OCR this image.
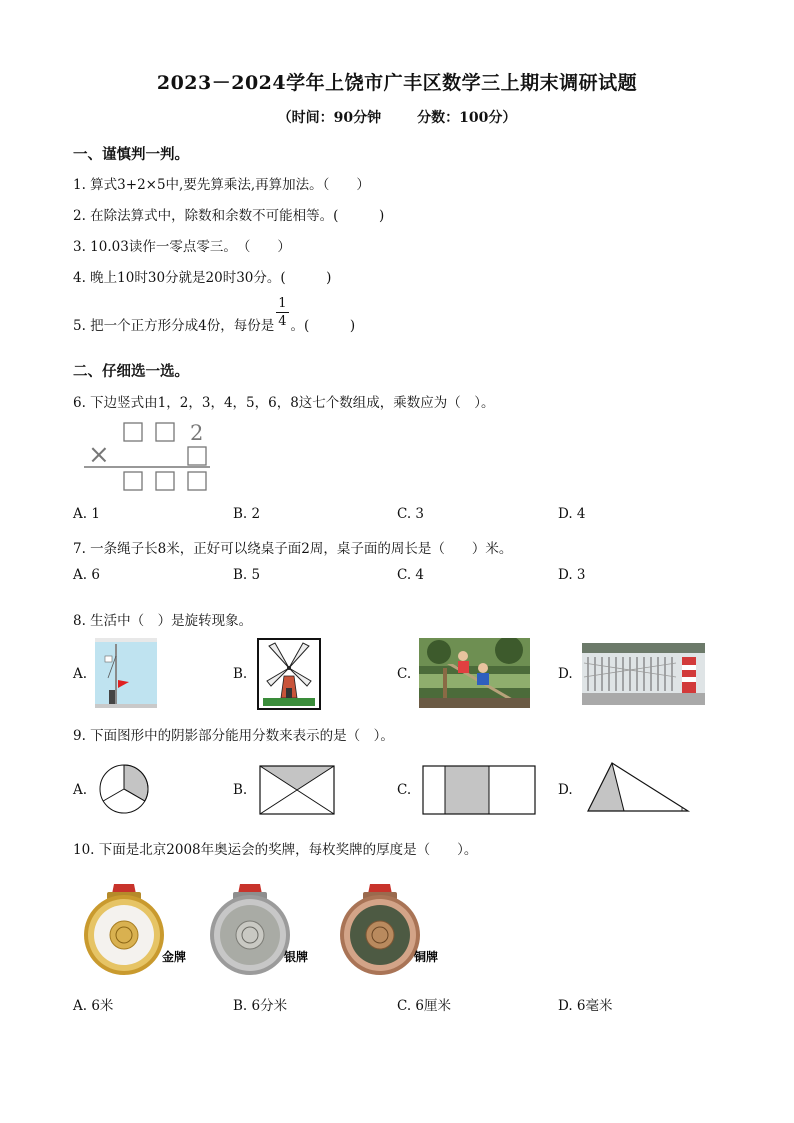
2023－2024学年上饶市广丰区数学三上期末调研试题
（时间：90分钟	分数：100分）
一、谨慎判一判。
1. 算式3+2×5中,要先算乘法,再算加法。（　　）
2. 在除法算式中，除数和余数不可能相等。(　　　)
3. 10.03读作一零点零三。　（　　）
4. 晚上10时30分就是20时30分。(　　　)
5. 把一个正方形分成4份，每份是 $\frac{1}{4}$ 。(　　　)
二、仔细选一选。
6. 下边竖式由1，2，3，4，5，6，8这七个数组成，乘数应为（　）。
2
×
A. 1	B. 2	C. 3	D. 4
7. 一条绳子长8米，正好可以绕桌子面2周，桌子面的周长是（　　）米。
A. 6	B. 5	C. 4	D. 3
8. 生活中（　）是旋转现象。
A.	B.	C.	D.
9. 下面图形中的阴影部分能用分数来表示的是（　）。
A.	B.	C.	D.
10. 下面是北京2008年奥运会的奖牌，每枚奖牌的厚度是（　　）。
金牌	银牌	铜牌
A. 6米	B. 6分米	C. 6厘米	D. 6毫米
